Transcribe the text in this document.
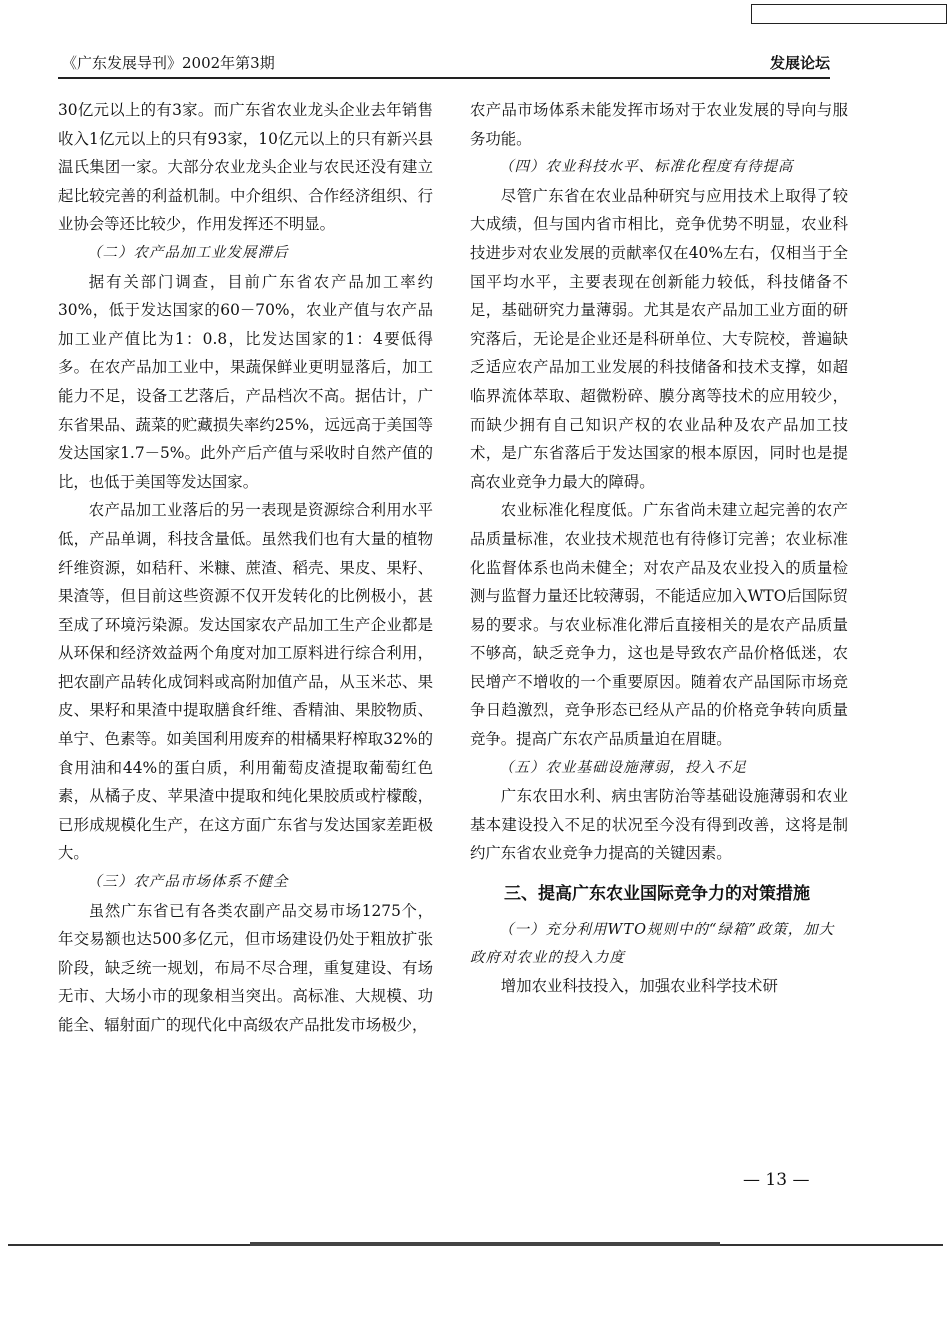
《广东发展导刊》2002年第3期	发展论坛

30亿元以上的有3家。而广东省农业龙头企业去年销售收入1亿元以上的只有93家，10亿元以上的只有新兴县温氏集团一家。大部分农业龙头企业与农民还没有建立起比较完善的利益机制。中介组织、合作经济组织、行业协会等还比较少，作用发挥还不明显。

（二）农产品加工业发展滞后

据有关部门调查，目前广东省农产品加工率约30%，低于发达国家的60－70%，农业产值与农产品加工业产值比为1：0.8，比发达国家的1：4要低得多。在农产品加工业中，果蔬保鲜业更明显落后，加工能力不足，设备工艺落后，产品档次不高。据估计，广东省果品、蔬菜的贮藏损失率约25%，远远高于美国等发达国家1.7－5%。此外产后产值与采收时自然产值的比，也低于美国等发达国家。

农产品加工业落后的另一表现是资源综合利用水平低，产品单调，科技含量低。虽然我们也有大量的植物纤维资源，如秸秆、米糠、蔗渣、稻壳、果皮、果籽、果渣等，但目前这些资源不仅开发转化的比例极小，甚至成了环境污染源。发达国家农产品加工生产企业都是从环保和经济效益两个角度对加工原料进行综合利用，把农副产品转化成饲料或高附加值产品，从玉米芯、果皮、果籽和果渣中提取膳食纤维、香精油、果胶物质、单宁、色素等。如美国利用废弃的柑橘果籽榨取32%的食用油和44%的蛋白质，利用葡萄皮渣提取葡萄红色素，从橘子皮、苹果渣中提取和纯化果胶质或柠檬酸，已形成规模化生产，在这方面广东省与发达国家差距极大。

（三）农产品市场体系不健全

虽然广东省已有各类农副产品交易市场1275个，年交易额也达500多亿元，但市场建设仍处于粗放扩张阶段，缺乏统一规划，布局不尽合理，重复建设、有场无市、大场小市的现象相当突出。高标准、大规模、功能全、辐射面广的现代化中高级农产品批发市场极少，

农产品市场体系未能发挥市场对于农业发展的导向与服务功能。

（四）农业科技水平、标准化程度有待提高

尽管广东省在农业品种研究与应用技术上取得了较大成绩，但与国内省市相比，竞争优势不明显，农业科技进步对农业发展的贡献率仅在40%左右，仅相当于全国平均水平，主要表现在创新能力较低，科技储备不足，基础研究力量薄弱。尤其是农产品加工业方面的研究落后，无论是企业还是科研单位、大专院校，普遍缺乏适应农产品加工业发展的科技储备和技术支撑，如超临界流体萃取、超微粉碎、膜分离等技术的应用较少，而缺少拥有自己知识产权的农业品种及农产品加工技术，是广东省落后于发达国家的根本原因，同时也是提高农业竞争力最大的障碍。

农业标准化程度低。广东省尚未建立起完善的农产品质量标准，农业技术规范也有待修订完善；农业标准化监督体系也尚未健全；对农产品及农业投入的质量检测与监督力量还比较薄弱，不能适应加入WTO后国际贸易的要求。与农业标准化滞后直接相关的是农产品质量不够高，缺乏竞争力，这也是导致农产品价格低迷，农民增产不增收的一个重要原因。随着农产品国际市场竞争日趋激烈，竞争形态已经从产品的价格竞争转向质量竞争。提高广东农产品质量迫在眉睫。

（五）农业基础设施薄弱，投入不足

广东农田水利、病虫害防治等基础设施薄弱和农业基本建设投入不足的状况至今没有得到改善，这将是制约广东省农业竞争力提高的关键因素。

三、提高广东农业国际竞争力的对策措施

（一）充分利用WTO规则中的“绿箱”政策，加大政府对农业的投入力度

增加农业科技投入，加强农业科学技术研

— 13 —
